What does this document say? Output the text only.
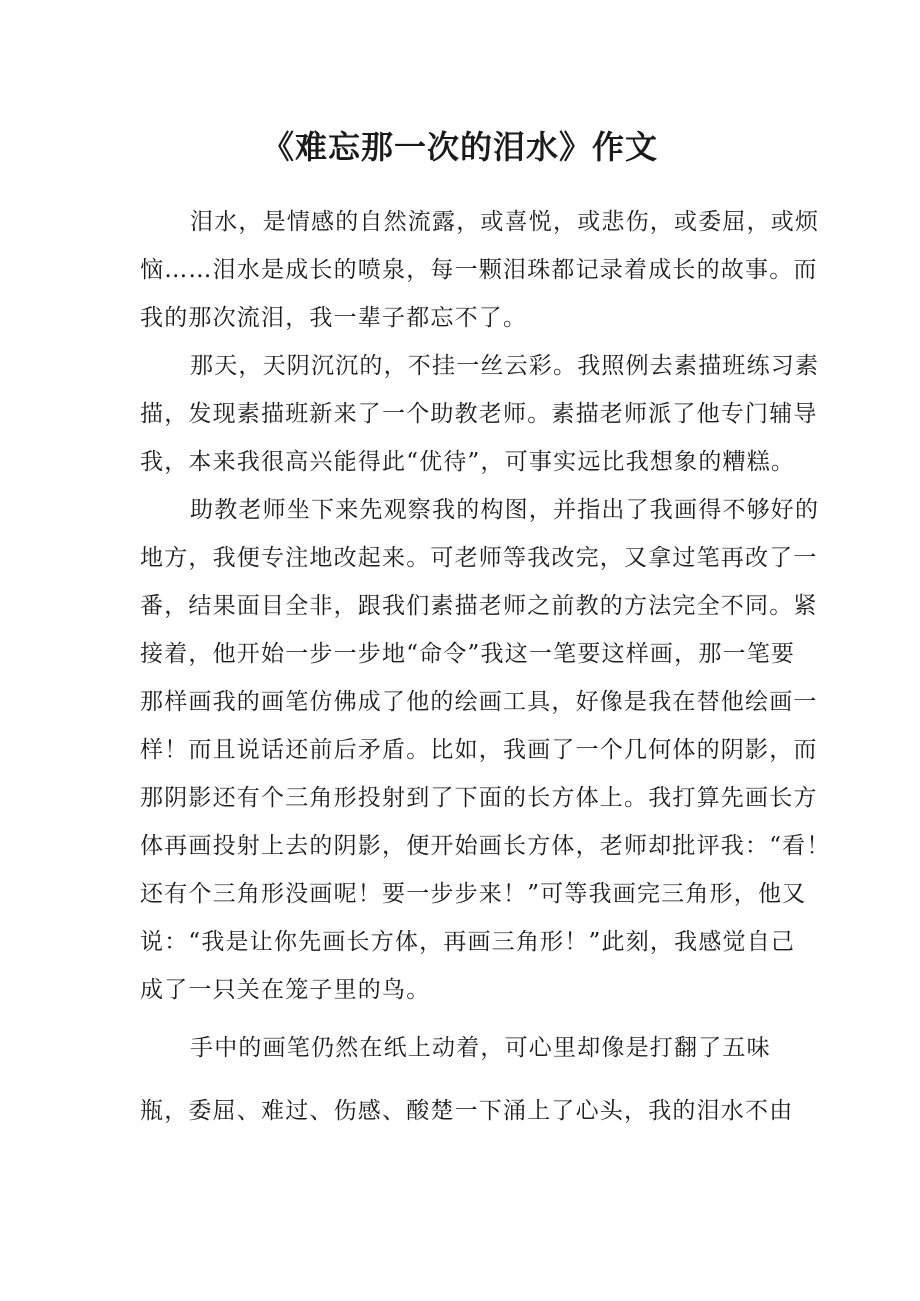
《难忘那一次的泪水》作文
泪水，是情感的自然流露，或喜悦，或悲伤，或委屈，或烦
恼……泪水是成长的喷泉，每一颗泪珠都记录着成长的故事。而
我的那次流泪，我一辈子都忘不了。
那天，天阴沉沉的，不挂一丝云彩。我照例去素描班练习素
描，发现素描班新来了一个助教老师。素描老师派了他专门辅导
我，本来我很高兴能得此“优待”，可事实远比我想象的糟糕。
助教老师坐下来先观察我的构图，并指出了我画得不够好的
地方，我便专注地改起来。可老师等我改完，又拿过笔再改了一
番，结果面目全非，跟我们素描老师之前教的方法完全不同。紧
接着，他开始一步一步地“命令”我这一笔要这样画，那一笔要
那样画我的画笔仿佛成了他的绘画工具，好像是我在替他绘画一
样！而且说话还前后矛盾。比如，我画了一个几何体的阴影，而
那阴影还有个三角形投射到了下面的长方体上。我打算先画长方
体再画投射上去的阴影，便开始画长方体，老师却批评我：“看！
还有个三角形没画呢！要一步步来！”可等我画完三角形，他又
说：“我是让你先画长方体，再画三角形！”此刻，我感觉自己
成了一只关在笼子里的鸟。
手中的画笔仍然在纸上动着，可心里却像是打翻了五味
瓶，委屈、难过、伤感、酸楚一下涌上了心头，我的泪水不由
